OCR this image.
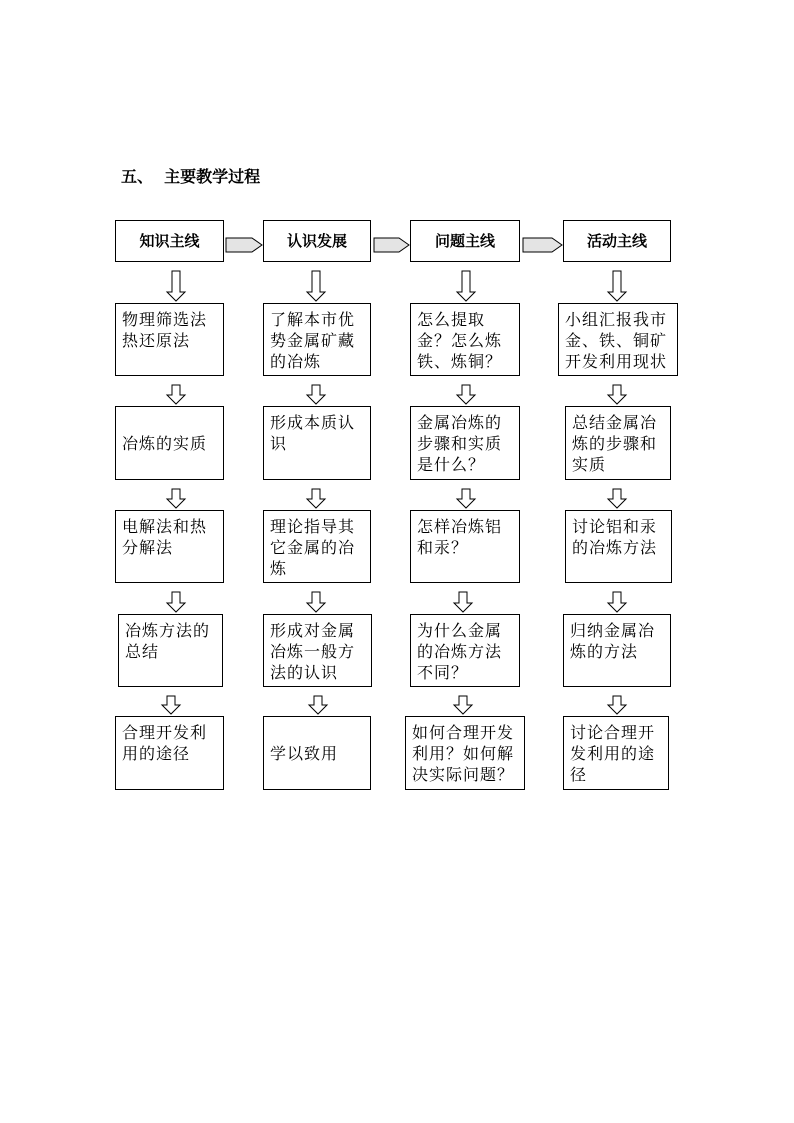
五、  主要教学过程
知识主线
物理筛选法热还原法
冶炼的实质
电解法和热分解法
冶炼方法的总结
合理开发利用的途径
认识发展
了解本市优势金属矿藏的冶炼
形成本质认识
理论指导其它金属的冶炼
形成对金属冶炼一般方法的认识
学以致用
问题主线
怎么提取金？怎么炼铁、炼铜？
金属冶炼的步骤和实质是什么？
怎样冶炼铝和汞？
为什么金属的冶炼方法不同？
如何合理开发利用？如何解决实际问题？
活动主线
小组汇报我市金、铁、铜矿开发利用现状
总结金属冶炼的步骤和实质
讨论铝和汞的冶炼方法
归纳金属冶炼的方法
讨论合理开发利用的途径
